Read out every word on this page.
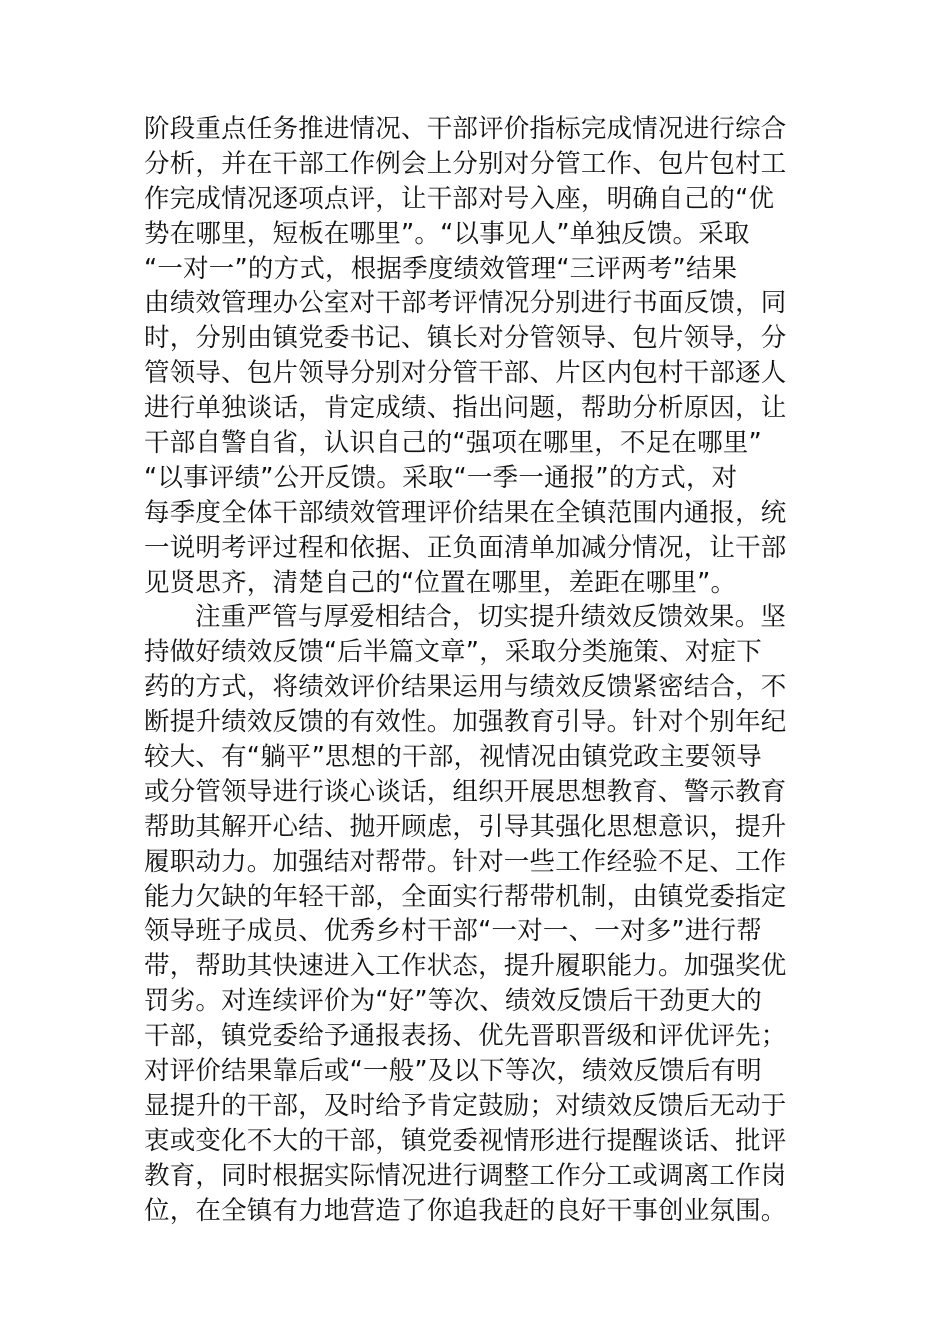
阶段重点任务推进情况、干部评价指标完成情况进行综合
分析，并在干部工作例会上分别对分管工作、包片包村工
作完成情况逐项点评，让干部对号入座，明确自己的“优
势在哪里，短板在哪里”。“以事见人”单独反馈。采取
“一对一”的方式，根据季度绩效管理“三评两考”结果
由绩效管理办公室对干部考评情况分别进行书面反馈，同
时，分别由镇党委书记、镇长对分管领导、包片领导，分
管领导、包片领导分别对分管干部、片区内包村干部逐人
进行单独谈话，肯定成绩、指出问题，帮助分析原因，让
干部自警自省，认识自己的“强项在哪里，不足在哪里”
“以事评绩”公开反馈。采取“一季一通报”的方式，对
每季度全体干部绩效管理评价结果在全镇范围内通报，统
一说明考评过程和依据、正负面清单加减分情况，让干部
见贤思齐，清楚自己的“位置在哪里，差距在哪里”。
注重严管与厚爱相结合，切实提升绩效反馈效果。坚
持做好绩效反馈“后半篇文章”，采取分类施策、对症下
药的方式，将绩效评价结果运用与绩效反馈紧密结合，不
断提升绩效反馈的有效性。加强教育引导。针对个别年纪
较大、有“躺平”思想的干部，视情况由镇党政主要领导
或分管领导进行谈心谈话，组织开展思想教育、警示教育
帮助其解开心结、抛开顾虑，引导其强化思想意识，提升
履职动力。加强结对帮带。针对一些工作经验不足、工作
能力欠缺的年轻干部，全面实行帮带机制，由镇党委指定
领导班子成员、优秀乡村干部“一对一、一对多”进行帮
带，帮助其快速进入工作状态，提升履职能力。加强奖优
罚劣。对连续评价为“好”等次、绩效反馈后干劲更大的
干部，镇党委给予通报表扬、优先晋职晋级和评优评先；
对评价结果靠后或“一般”及以下等次，绩效反馈后有明
显提升的干部，及时给予肯定鼓励；对绩效反馈后无动于
衷或变化不大的干部，镇党委视情形进行提醒谈话、批评
教育，同时根据实际情况进行调整工作分工或调离工作岗
位，在全镇有力地营造了你追我赶的良好干事创业氛围。
